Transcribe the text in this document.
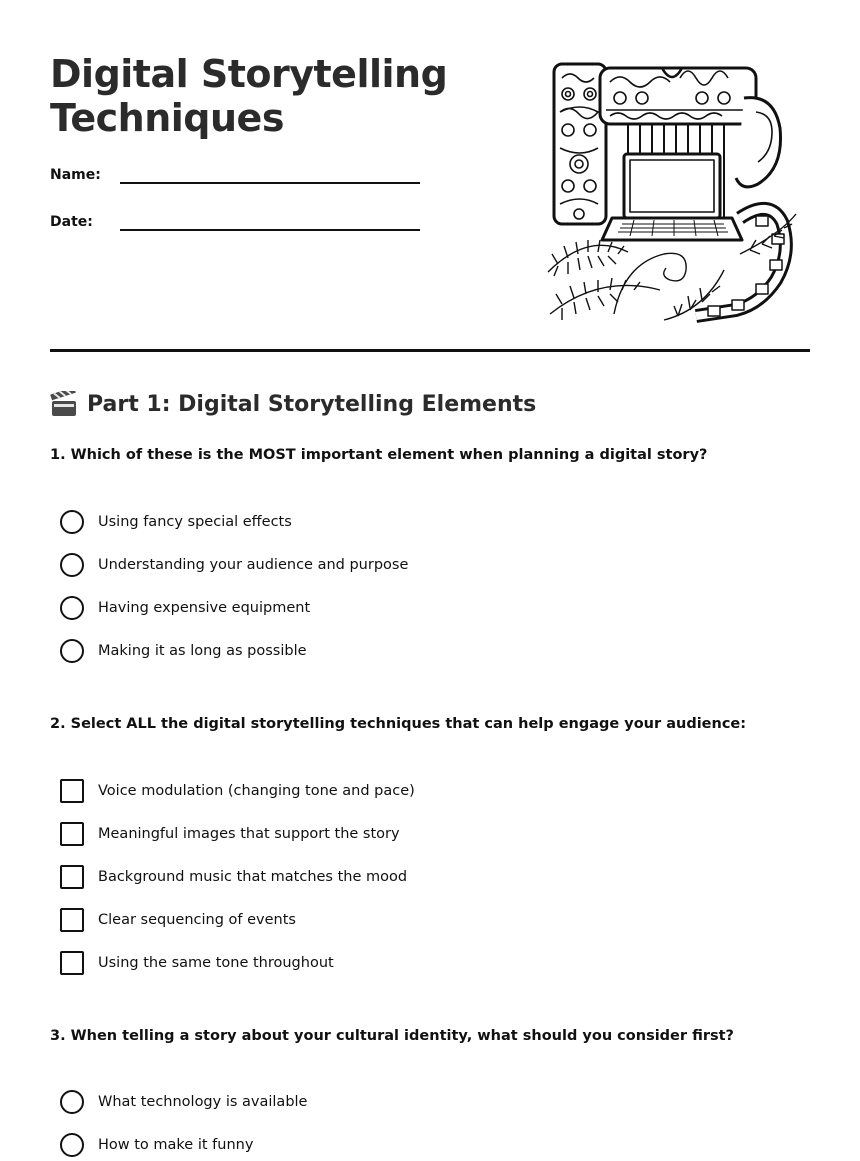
Digital Storytelling
Techniques
Name:
Date:
Part 1: Digital Storytelling Elements

1. Which of these is the MOST important element when planning a digital story?

Using fancy special effects
Understanding your audience and purpose
Having expensive equipment
Making it as long as possible

2. Select ALL the digital storytelling techniques that can help engage your audience:

Voice modulation (changing tone and pace)
Meaningful images that support the story
Background music that matches the mood
Clear sequencing of events
Using the same tone throughout

3. When telling a story about your cultural identity, what should you consider first?

What technology is available
How to make it funny
